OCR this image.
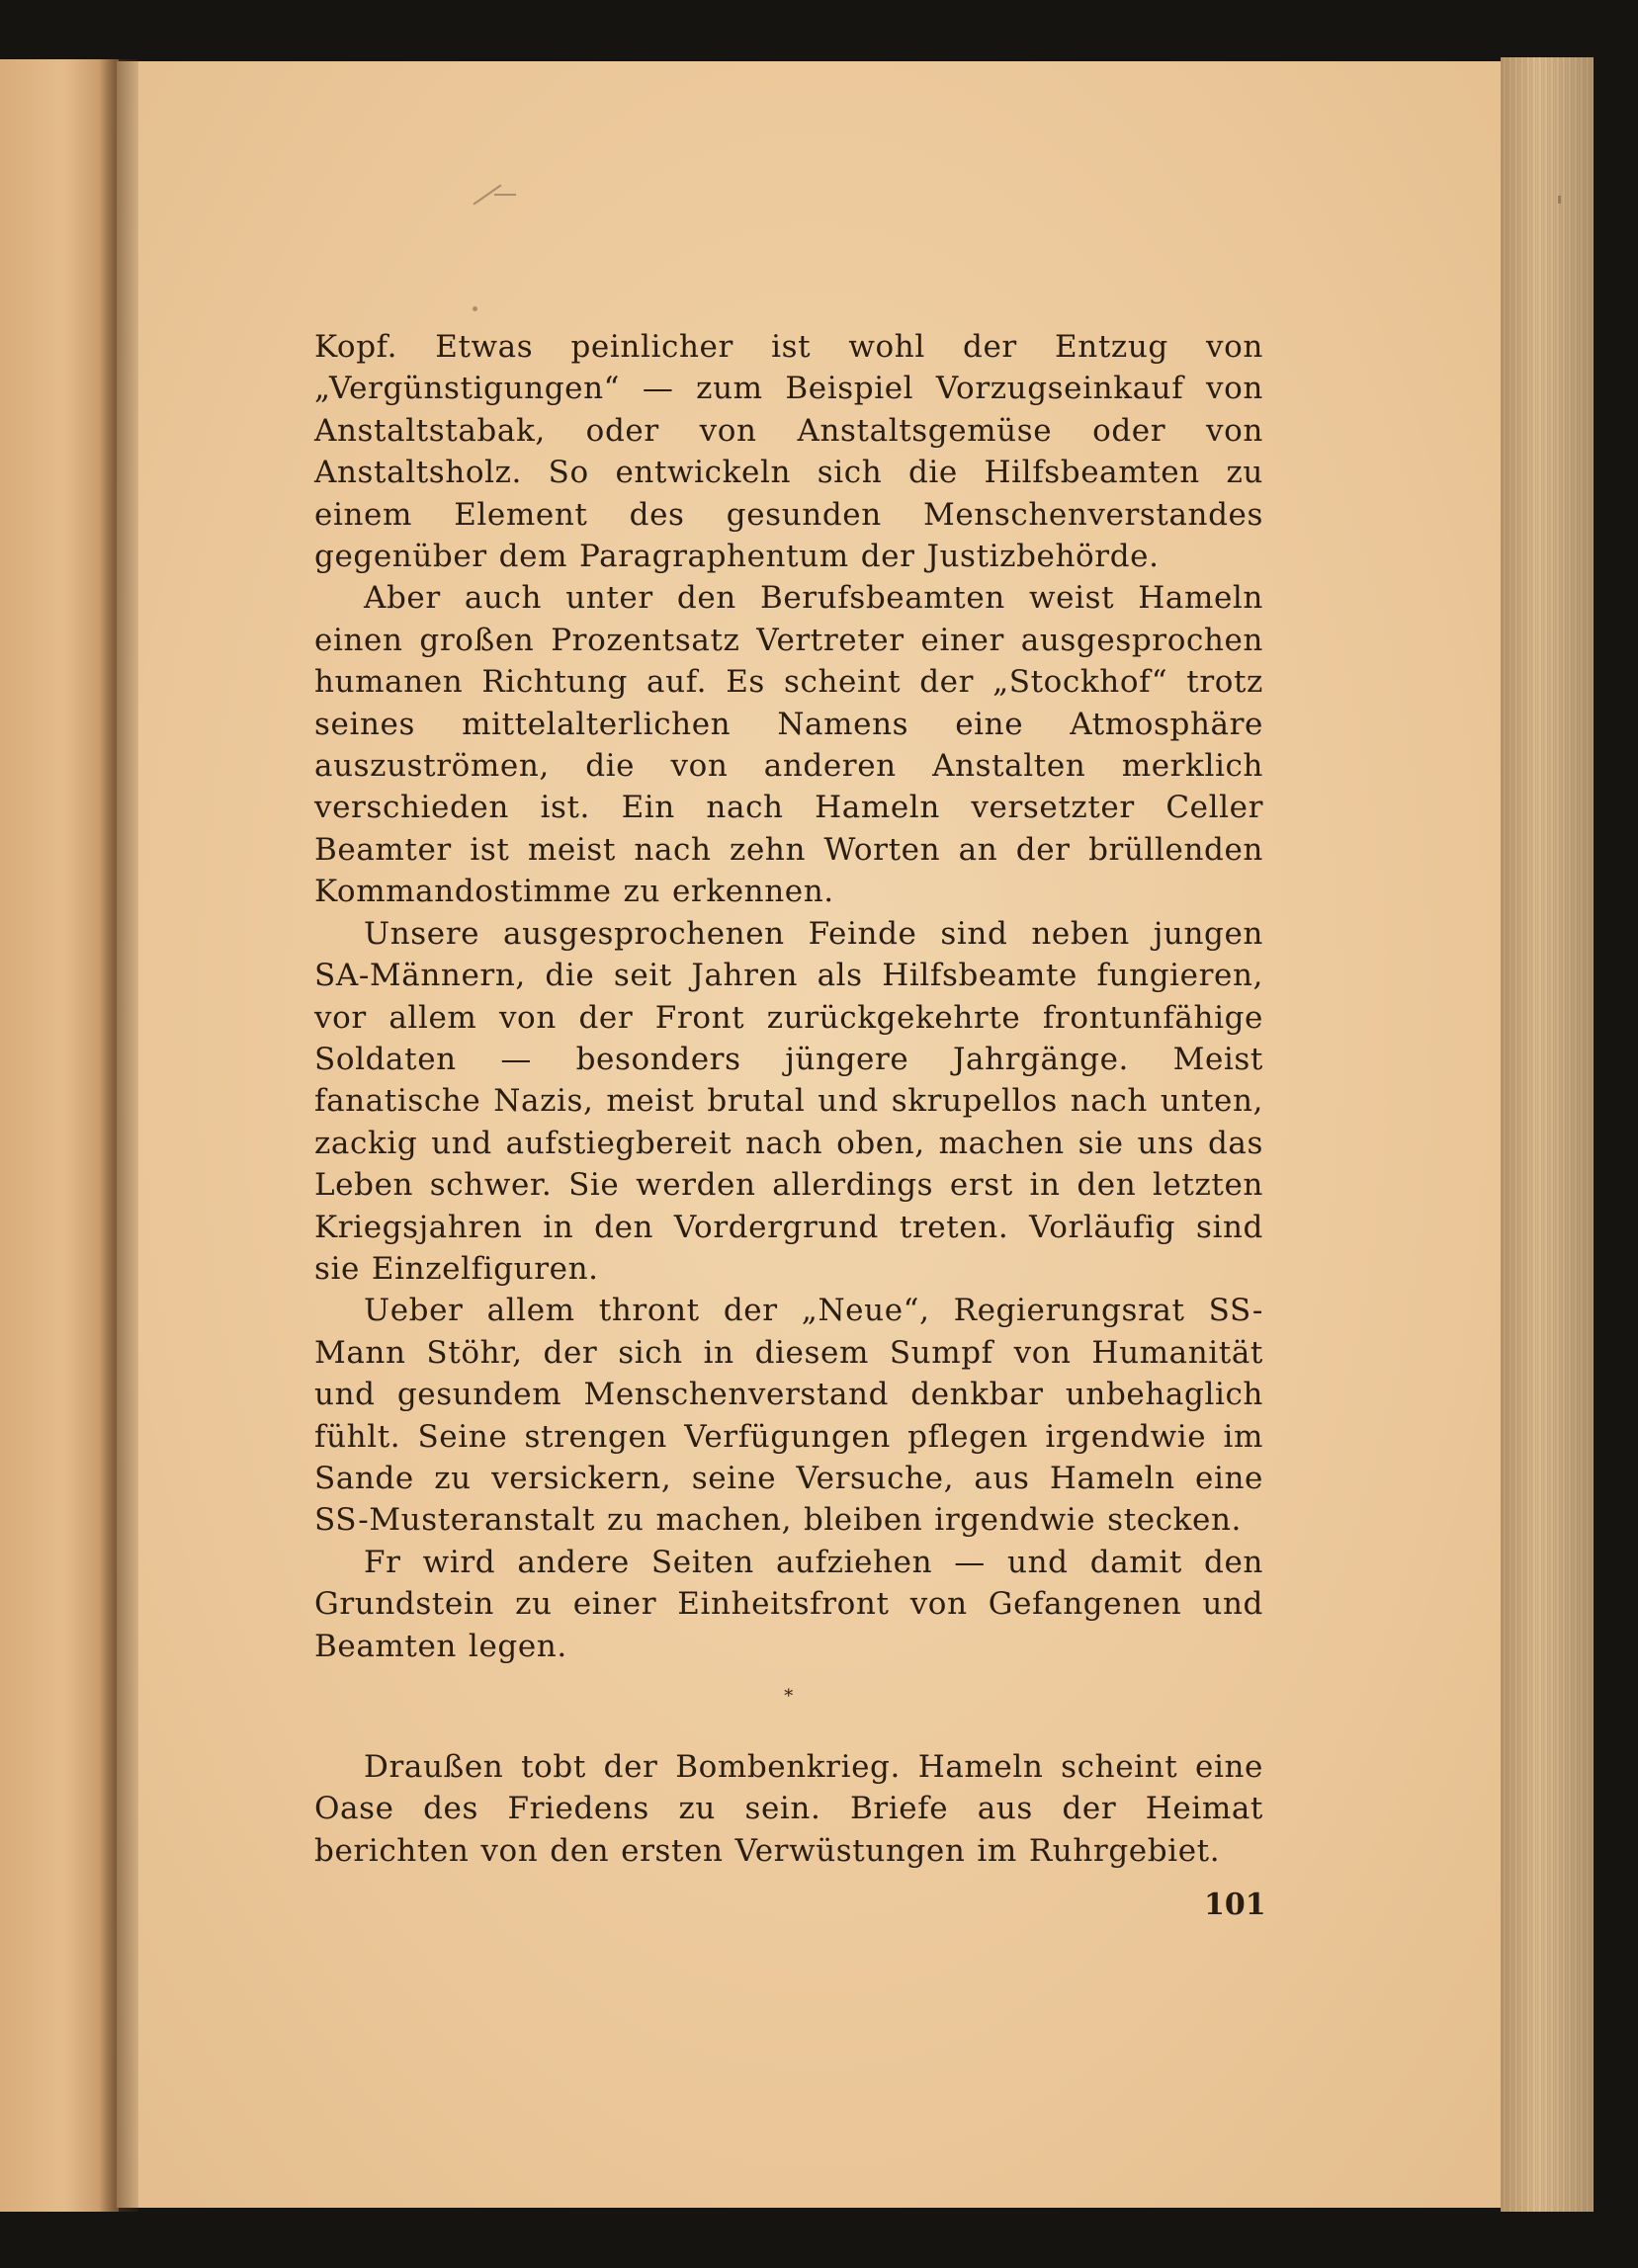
Kopf. Etwas peinlicher ist wohl der Entzug von „Vergünstigungen“ — zum Beispiel Vorzugseinkauf von Anstaltstabak, oder von Anstaltsgemüse oder von Anstaltsholz. So entwickeln sich die Hilfsbeamten zu einem Element des gesunden Menschenverstandes gegenüber dem Paragraphentum der Justizbehörde.

Aber auch unter den Berufsbeamten weist Hameln einen großen Prozentsatz Vertreter einer ausgesprochen humanen Richtung auf. Es scheint der „Stockhof“ trotz seines mittelalterlichen Namens eine Atmosphäre auszuströmen, die von anderen Anstalten merklich verschieden ist. Ein nach Hameln versetzter Celler Beamter ist meist nach zehn Worten an der brüllenden Kommandostimme zu erkennen.

Unsere ausgesprochenen Feinde sind neben jungen SA-Männern, die seit Jahren als Hilfsbeamte fungieren, vor allem von der Front zurückgekehrte frontunfähige Soldaten — besonders jüngere Jahrgänge. Meist fanatische Nazis, meist brutal und skrupellos nach unten, zackig und aufstiegbereit nach oben, machen sie uns das Leben schwer. Sie werden allerdings erst in den letzten Kriegsjahren in den Vordergrund treten. Vorläufig sind sie Einzelfiguren.

Ueber allem thront der „Neue“, Regierungsrat SS-Mann Stöhr, der sich in diesem Sumpf von Humanität und gesundem Menschenverstand denkbar unbehaglich fühlt. Seine strengen Verfügungen pflegen irgendwie im Sande zu versickern, seine Versuche, aus Hameln eine SS-Musteranstalt zu machen, bleiben irgendwie stecken.

Fr wird andere Seiten aufziehen — und damit den Grundstein zu einer Einheitsfront von Gefangenen und Beamten legen.

*

Draußen tobt der Bombenkrieg. Hameln scheint eine Oase des Friedens zu sein. Briefe aus der Heimat berichten von den ersten Verwüstungen im Ruhrgebiet.

101
